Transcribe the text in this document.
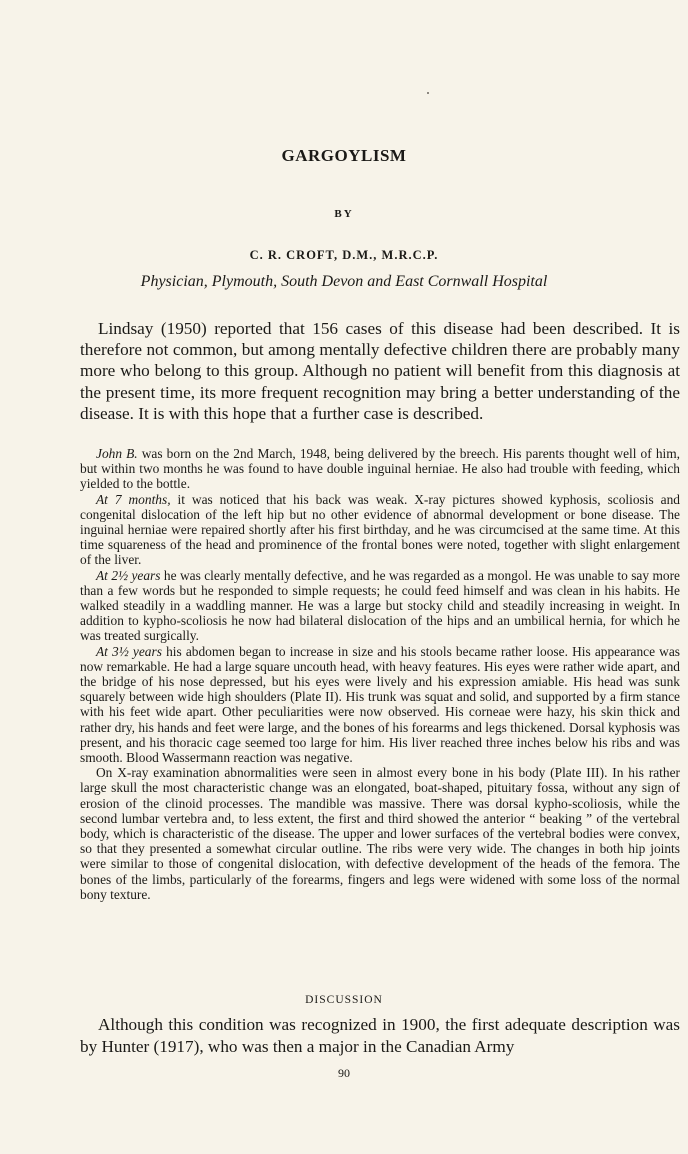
GARGOYLISM
BY
C. R. CROFT, D.M., M.R.C.P.
Physician, Plymouth, South Devon and East Cornwall Hospital

Lindsay (1950) reported that 156 cases of this disease had been described. It is therefore not common, but among mentally defective children there are probably many more who belong to this group. Although no patient will benefit from this diagnosis at the present time, its more frequent recognition may bring a better understanding of the disease. It is with this hope that a further case is described.

John B. was born on the 2nd March, 1948, being delivered by the breech. His parents thought well of him, but within two months he was found to have double inguinal herniae. He also had trouble with feeding, which yielded to the bottle.

At 7 months, it was noticed that his back was weak. X-ray pictures showed kyphosis, scoliosis and congenital dislocation of the left hip but no other evidence of abnormal development or bone disease. The inguinal herniae were repaired shortly after his first birthday, and he was circumcised at the same time. At this time squareness of the head and prominence of the frontal bones were noted, together with slight enlargement of the liver.

At 2½ years he was clearly mentally defective, and he was regarded as a mongol. He was unable to say more than a few words but he responded to simple requests; he could feed himself and was clean in his habits. He walked steadily in a waddling manner. He was a large but stocky child and steadily increasing in weight. In addition to kypho-scoliosis he now had bilateral dislocation of the hips and an umbilical hernia, for which he was treated surgically.

At 3½ years his abdomen began to increase in size and his stools became rather loose. His appearance was now remarkable. He had a large square uncouth head, with heavy features. His eyes were rather wide apart, and the bridge of his nose depressed, but his eyes were lively and his expression amiable. His head was sunk squarely between wide high shoulders (Plate II). His trunk was squat and solid, and supported by a firm stance with his feet wide apart. Other peculiarities were now observed. His corneae were hazy, his skin thick and rather dry, his hands and feet were large, and the bones of his forearms and legs thickened. Dorsal kyphosis was present, and his thoracic cage seemed too large for him. His liver reached three inches below his ribs and was smooth. Blood Wassermann reaction was negative.

On X-ray examination abnormalities were seen in almost every bone in his body (Plate III). In his rather large skull the most characteristic change was an elongated, boat-shaped, pituitary fossa, without any sign of erosion of the clinoid processes. The mandible was massive. There was dorsal kypho-scoliosis, while the second lumbar vertebra and, to less extent, the first and third showed the anterior “ beaking ” of the vertebral body, which is characteristic of the disease. The upper and lower surfaces of the vertebral bodies were convex, so that they presented a somewhat circular outline. The ribs were very wide. The changes in both hip joints were similar to those of congenital dislocation, with defective development of the heads of the femora. The bones of the limbs, particularly of the forearms, fingers and legs were widened with some loss of the normal bony texture.

DISCUSSION

Although this condition was recognized in 1900, the first adequate description was by Hunter (1917), who was then a major in the Canadian Army

90
